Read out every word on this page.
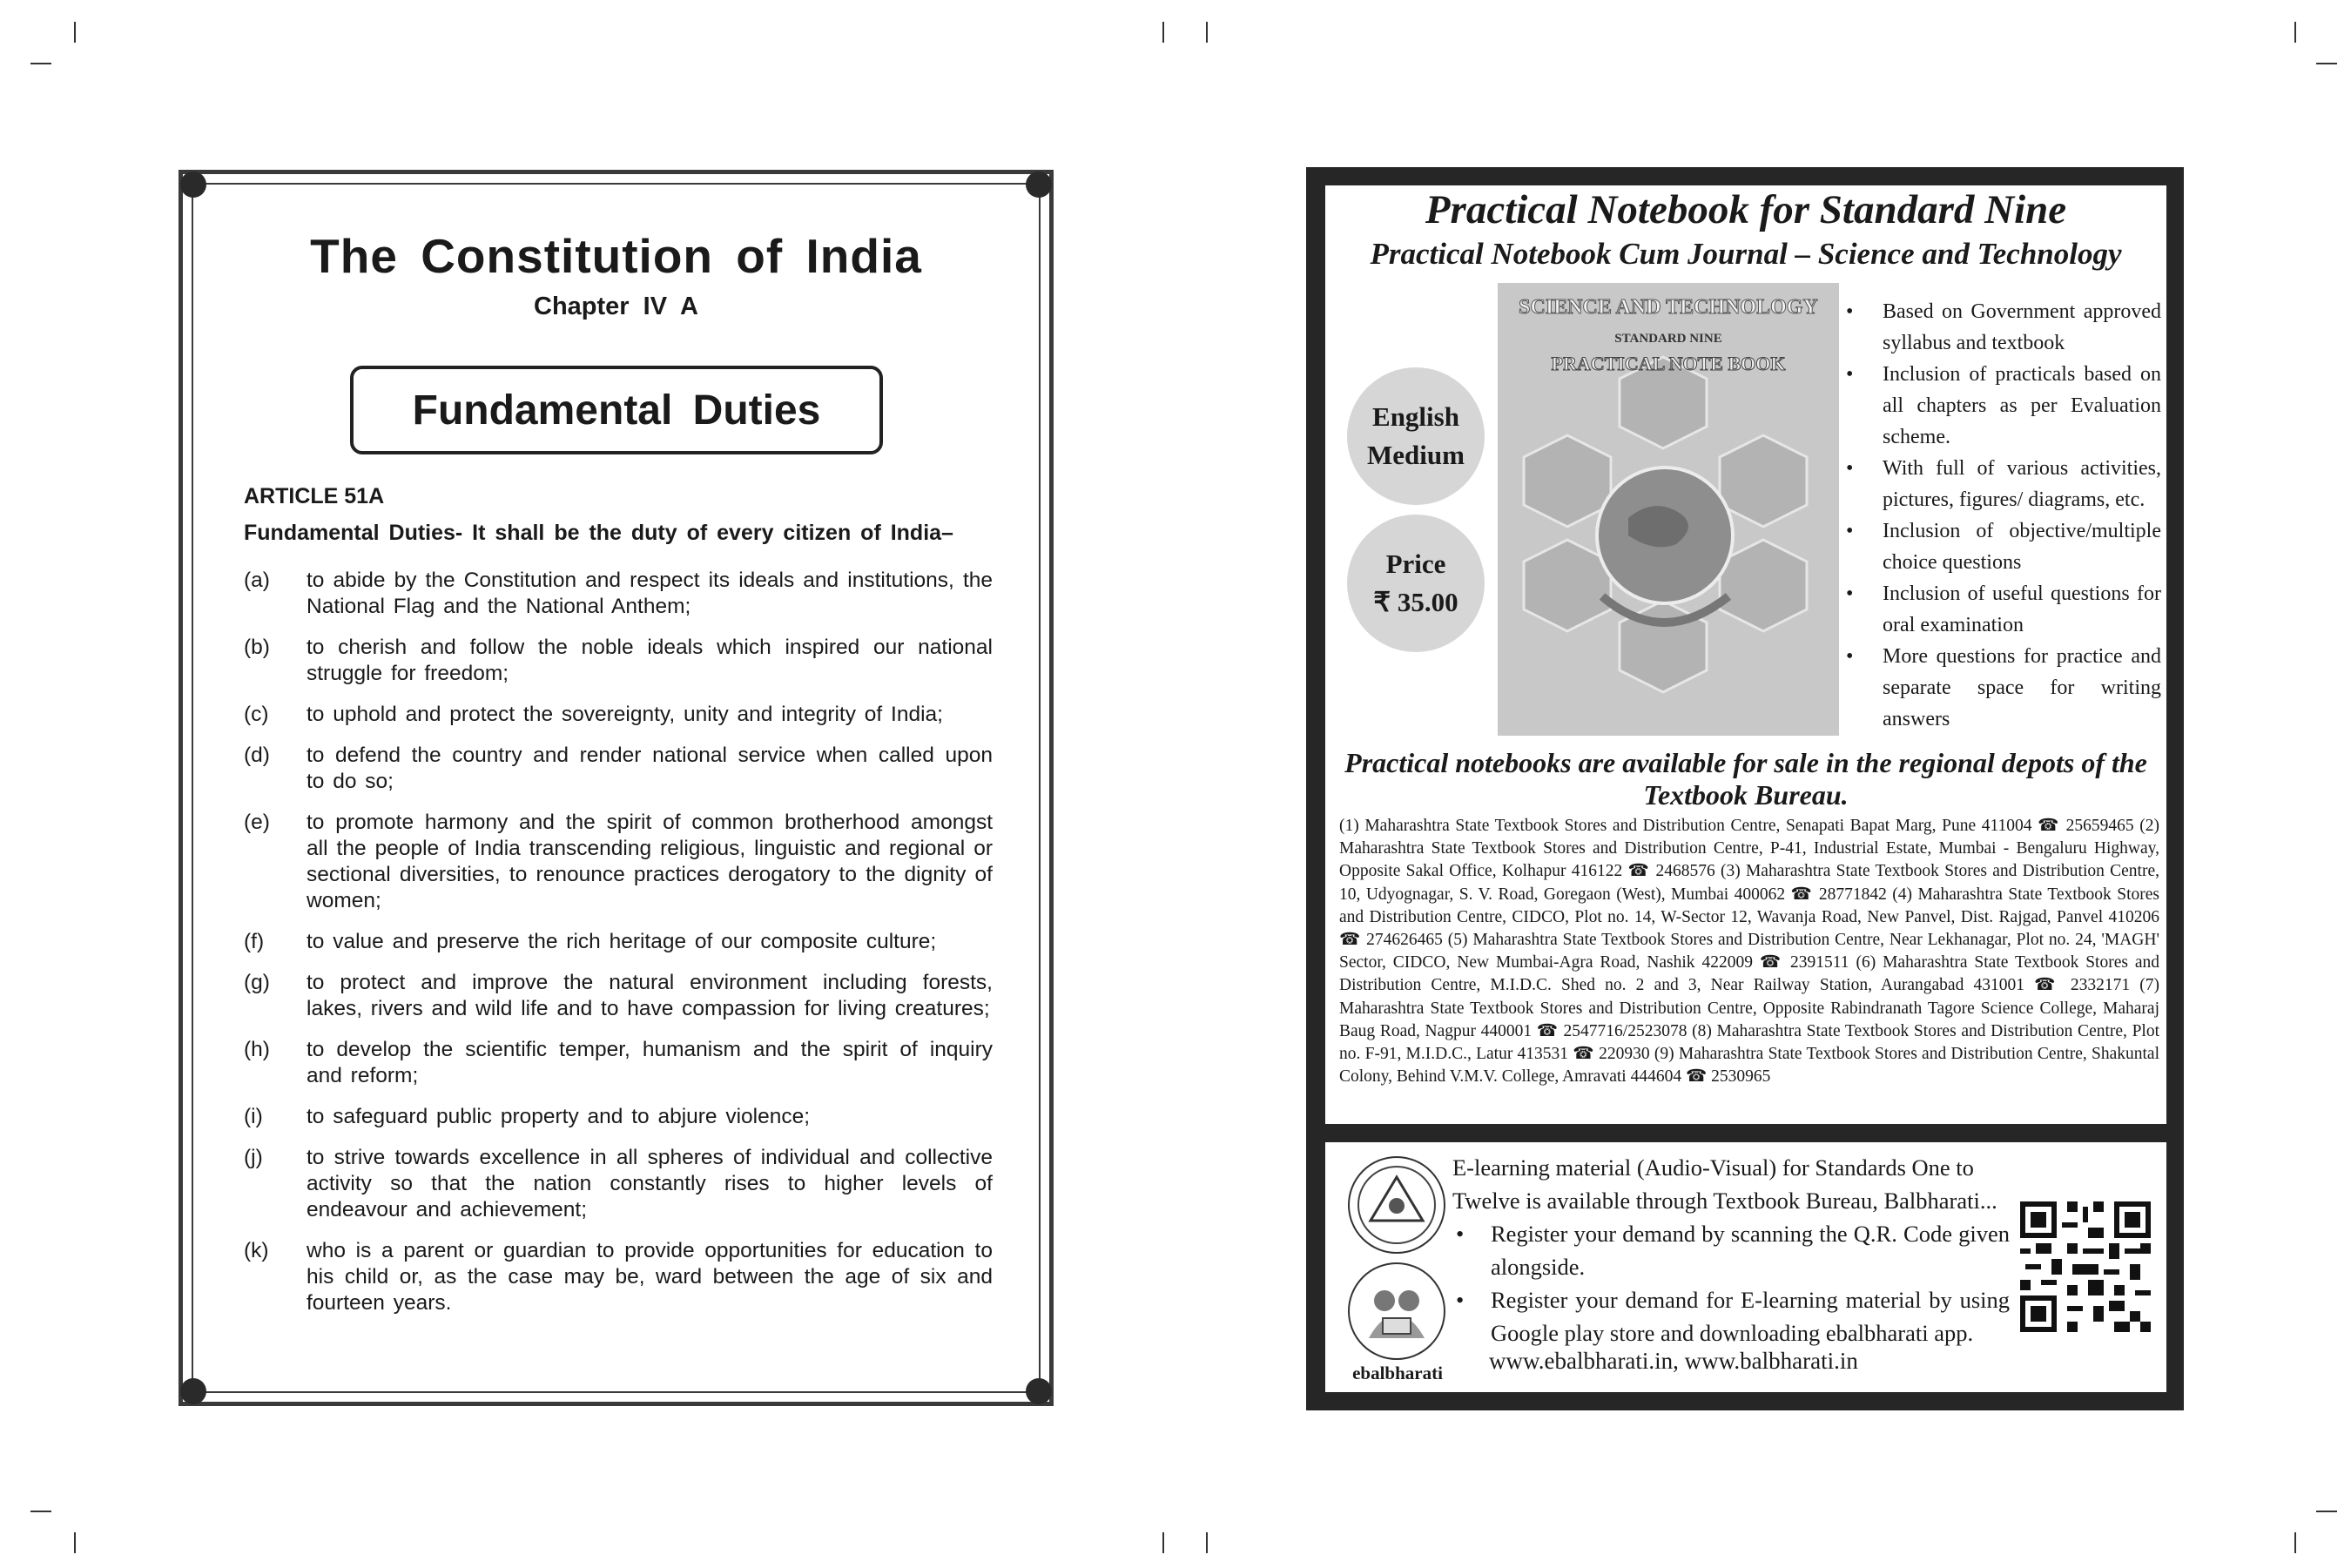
The Constitution of India
Chapter IV A
Fundamental Duties
ARTICLE 51A
Fundamental Duties- It shall be the duty of every citizen of India–
(a)	to abide by the Constitution and respect its ideals and institutions, the National Flag and the National Anthem;
(b)	to cherish and follow the noble ideals which inspired our national struggle for freedom;
(c)	to uphold and protect the sovereignty, unity and integrity of India;
(d)	to defend the country and render national service when called upon to do so;
(e)	to promote harmony and the spirit of common brotherhood amongst all the people of India transcending religious, linguistic and regional or sectional diversities, to renounce practices derogatory to the dignity of women;
(f)	to value and preserve the rich heritage of our composite culture;
(g)	to protect and improve the natural environment including forests, lakes, rivers and wild life and to have compassion for living creatures;
(h)	to develop the scientific temper, humanism and the spirit of inquiry and reform;
(i)	to safeguard public property and to abjure violence;
(j)	to strive towards excellence in all spheres of individual and collective activity so that the nation constantly rises to higher levels of endeavour and achievement;
(k)	who is a parent or guardian to provide opportunities for education to his child or, as the case may be, ward between the age of six and fourteen years.
Practical Notebook for Standard Nine
Practical Notebook Cum Journal – Science and Technology
English
Medium
Price
₹ 35.00
SCIENCE AND TECHNOLOGY
STANDARD NINE
PRACTICAL NOTE BOOK
•	Based on Government approved syllabus and textbook
•	Inclusion of practicals based on all chapters as per Evaluation scheme.
•	With full of various activities, pictures, figures/ diagrams, etc.
•	Inclusion of objective/multiple choice questions
•	Inclusion of useful questions for oral examination
•	More questions for practice and separate space for writing answers
Practical notebooks are available for sale in the regional depots of the Textbook Bureau.
(1) Maharashtra State Textbook Stores and Distribution Centre, Senapati Bapat Marg, Pune 411004 ☎ 25659465 (2) Maharashtra State Textbook Stores and Distribution Centre, P-41, Industrial Estate, Mumbai - Bengaluru Highway, Opposite Sakal Office, Kolhapur 416122 ☎ 2468576 (3) Maharashtra State Textbook Stores and Distribution Centre, 10, Udyognagar, S. V. Road, Goregaon (West), Mumbai 400062 ☎ 28771842 (4) Maharashtra State Textbook Stores and Distribution Centre, CIDCO, Plot no. 14, W-Sector 12, Wavanja Road, New Panvel, Dist. Rajgad, Panvel 410206 ☎ 274626465 (5) Maharashtra State Textbook Stores and Distribution Centre, Near Lekhanagar, Plot no. 24, 'MAGH' Sector, CIDCO, New Mumbai-Agra Road, Nashik 422009 ☎ 2391511 (6) Maharashtra State Textbook Stores and Distribution Centre, M.I.D.C. Shed no. 2 and 3, Near Railway Station, Aurangabad 431001 ☎ 2332171 (7) Maharashtra State Textbook Stores and Distribution Centre, Opposite Rabindranath Tagore Science College, Maharaj Baug Road, Nagpur 440001 ☎ 2547716/2523078 (8) Maharashtra State Textbook Stores and Distribution Centre, Plot no. F-91, M.I.D.C., Latur 413531 ☎ 220930 (9) Maharashtra State Textbook Stores and Distribution Centre, Shakuntal Colony, Behind V.M.V. College, Amravati 444604 ☎ 2530965
ebalbharati
E-learning material (Audio-Visual) for Standards One to Twelve is available through Textbook Bureau, Balbharati...
•	Register your demand by scanning the Q.R. Code given alongside.
•	Register your demand for E-learning material by using Google play store and downloading ebalbharati app.
www.ebalbharati.in, www.balbharati.in
